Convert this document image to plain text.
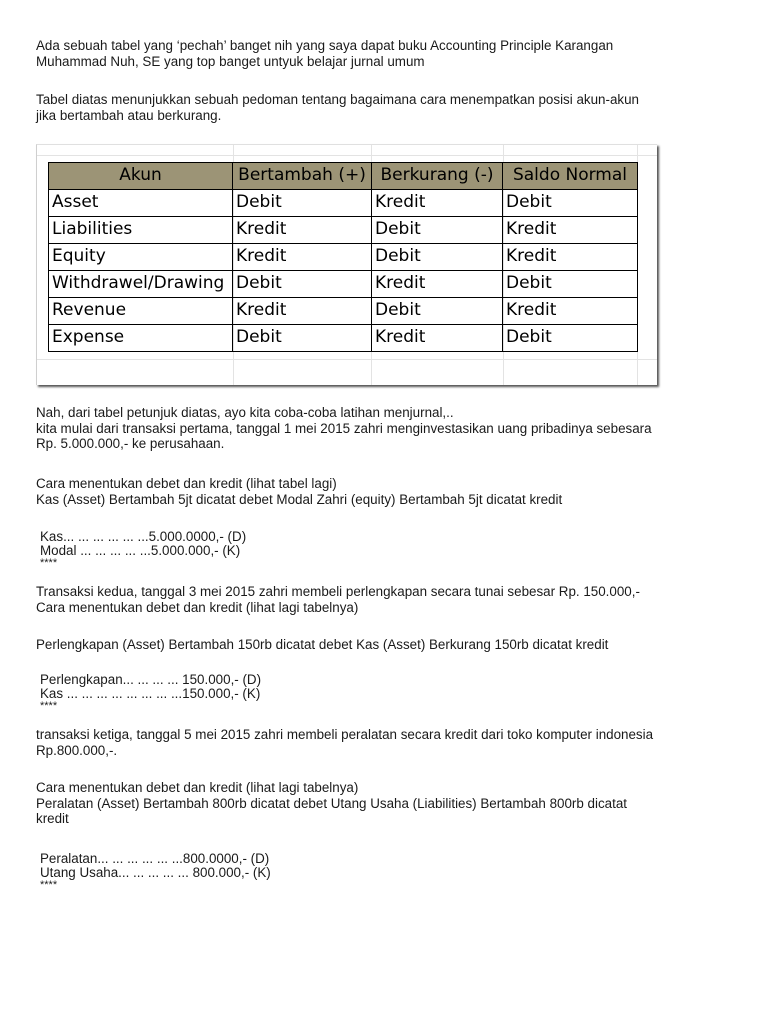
Ada sebuah tabel yang ‘pechah’ banget nih yang saya dapat buku Accounting Principle Karangan

Muhammad Nuh, SE yang top banget untyuk belajar jurnal umum

Tabel diatas menunjukkan sebuah pedoman tentang bagaimana cara menempatkan posisi akun-akun

jika bertambah atau berkurang.

Akun	Bertambah (+)	Berkurang (-)	Saldo Normal
Asset	Debit	Kredit	Debit
Liabilities	Kredit	Debit	Kredit
Equity	Kredit	Debit	Kredit
Withdrawel/Drawing	Debit	Kredit	Debit
Revenue	Kredit	Debit	Kredit
Expense	Debit	Kredit	Debit

Nah, dari tabel petunjuk diatas, ayo kita coba-coba latihan menjurnal,..

kita mulai dari transaksi pertama, tanggal 1 mei 2015 zahri menginvestasikan uang pribadinya sebesara

Rp. 5.000.000,- ke perusahaan.

Cara menentukan debet dan kredit (lihat tabel lagi)

Kas (Asset) Bertambah 5jt dicatat debet Modal Zahri (equity) Bertambah 5jt dicatat kredit

Kas... ... ... ... ... ...5.000.0000,- (D)

Modal ... ... ... ... ...5.000.000,- (K)

****

Transaksi kedua, tanggal 3 mei 2015 zahri membeli perlengkapan secara tunai sebesar Rp. 150.000,-

Cara menentukan debet dan kredit (lihat lagi tabelnya)

Perlengkapan (Asset) Bertambah 150rb dicatat debet Kas (Asset) Berkurang 150rb dicatat kredit

Perlengkapan... ... ... ... 150.000,- (D)

Kas ... ... ... ... ... ... ... ...150.000,- (K)

****

transaksi ketiga, tanggal 5 mei 2015 zahri membeli peralatan secara kredit dari toko komputer indonesia

Rp.800.000,-.

Cara menentukan debet dan kredit (lihat lagi tabelnya)

Peralatan (Asset) Bertambah 800rb dicatat debet Utang Usaha (Liabilities) Bertambah 800rb dicatat

kredit

Peralatan... ... ... ... ... ...800.0000,- (D)

Utang Usaha... ... ... ... ... 800.000,- (K)

****
